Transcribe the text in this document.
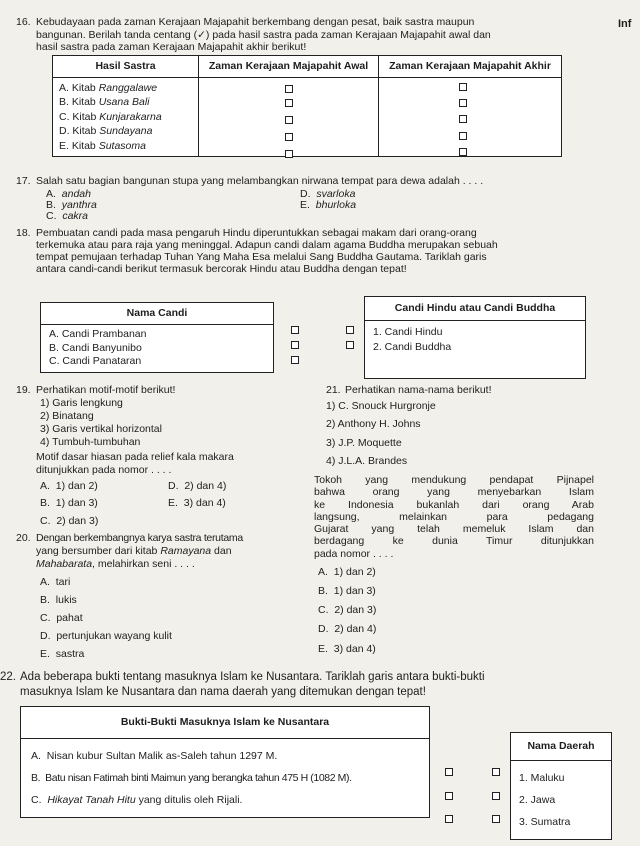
Inf
16. Kebudayaan pada zaman Kerajaan Majapahit berkembang dengan pesat, baik sastra maupun
bangunan. Berilah tanda centang (✓) pada hasil sastra pada zaman Kerajaan Majapahit awal dan
hasil sastra pada zaman Kerajaan Majapahit akhir berikut!
Hasil Sastra	Zaman Kerajaan Majapahit Awal	Zaman Kerajaan Majapahit Akhir

A. Kitab Ranggalawe
B. Kitab Usana Bali
C. Kitab Kunjarakarna
D. Kitab Sundayana
E. Kitab Sutasoma		

17. Salah satu bagian bangunan stupa yang melambangkan nirwana tempat para dewa adalah . . . .
A. andah
B. yanthra
C. cakra
D. svarloka
E. bhurloka
18. Pembuatan candi pada masa pengaruh Hindu diperuntukkan sebagai makam dari orang-orang
terkemuka atau para raja yang meninggal. Adapun candi dalam agama Buddha merupakan sebuah
tempat pemujaan terhadap Tuhan Yang Maha Esa melalui Sang Buddha Gautama. Tariklah garis
antara candi-candi berikut termasuk bercorak Hindu atau Buddha dengan tepat!
Nama Candi

A. Candi Prambanan
B. Candi Banyunibo
C. Candi Panataran
Candi Hindu atau Candi Buddha

1. Candi Hindu
2. Candi Buddha
19. Perhatikan motif-motif berikut!
1) Garis lengkung
2) Binatang
3) Garis vertikal horizontal
4) Tumbuh-tumbuhan
Motif dasar hiasan pada relief kala makara
ditunjukkan pada nomor . . . .
A. 1) dan 2)
B. 1) dan 3)
C. 2) dan 3)
D. 2) dan 4)
E. 3) dan 4)
20. Dengan berkembangnya karya sastra terutama
yang bersumber dari kitab Ramayana dan
Mahabarata, melahirkan seni . . . .
A. tari
B. lukis
C. pahat
D. pertunjukan wayang kulit
E. sastra
21. Perhatikan nama-nama berikut!
1) C. Snouck Hurgronje
2) Anthony H. Johns
3) J.P. Moquette
4) J.L.A. Brandes
Tokoh yang mendukung pendapat Pijnapel
bahwa orang yang menyebarkan Islam
ke Indonesia bukanlah dari orang Arab
langsung, melainkan para pedagang
Gujarat yang telah memeluk Islam dan
berdagang ke dunia Timur ditunjukkan
pada nomor . . . .
A. 1) dan 2)
B. 1) dan 3)
C. 2) dan 3)
D. 2) dan 4)
E. 3) dan 4)
22. Ada beberapa bukti tentang masuknya Islam ke Nusantara. Tariklah garis antara bukti-bukti
masuknya Islam ke Nusantara dan nama daerah yang ditemukan dengan tepat!
Bukti-Bukti Masuknya Islam ke Nusantara

A. Nisan kubur Sultan Malik as-Saleh tahun 1297 M.
B. Batu nisan Fatimah binti Maimun yang berangka tahun 475 H (1082 M).
C. Hikayat Tanah Hitu yang ditulis oleh Rijali.
Nama Daerah

1. Maluku
2. Jawa
3. Sumatra
